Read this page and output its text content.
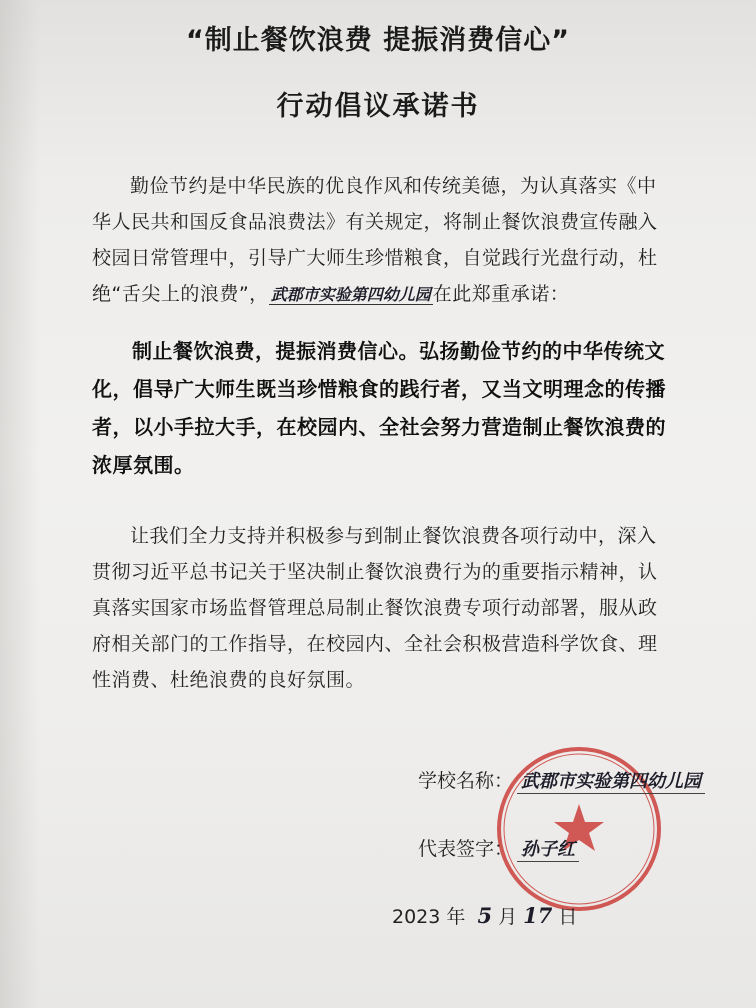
“制止餐饮浪费 提振消费信心”
行动倡议承诺书
勤俭节约是中华民族的优良作风和传统美德，为认真落实《中华人民共和国反食品浪费法》有关规定，将制止餐饮浪费宣传融入校园日常管理中，引导广大师生珍惜粮食，自觉践行光盘行动，杜绝“舌尖上的浪费”， 武郡市实验第四幼儿园 在此郑重承诺：
制止餐饮浪费，提振消费信心。弘扬勤俭节约的中华传统文化，倡导广大师生既当珍惜粮食的践行者，又当文明理念的传播者，以小手拉大手，在校园内、全社会努力营造制止餐饮浪费的浓厚氛围。
让我们全力支持并积极参与到制止餐饮浪费各项行动中，深入贯彻习近平总书记关于坚决制止餐饮浪费行为的重要指示精神，认真落实国家市场监督管理总局制止餐饮浪费专项行动部署，服从政府相关部门的工作指导，在校园内、全社会积极营造科学饮食、理性消费、杜绝浪费的良好氛围。
学校名称： 武郡市实验第四幼儿园
代表签字： 孙子红
2023 年 5 月 17 日
